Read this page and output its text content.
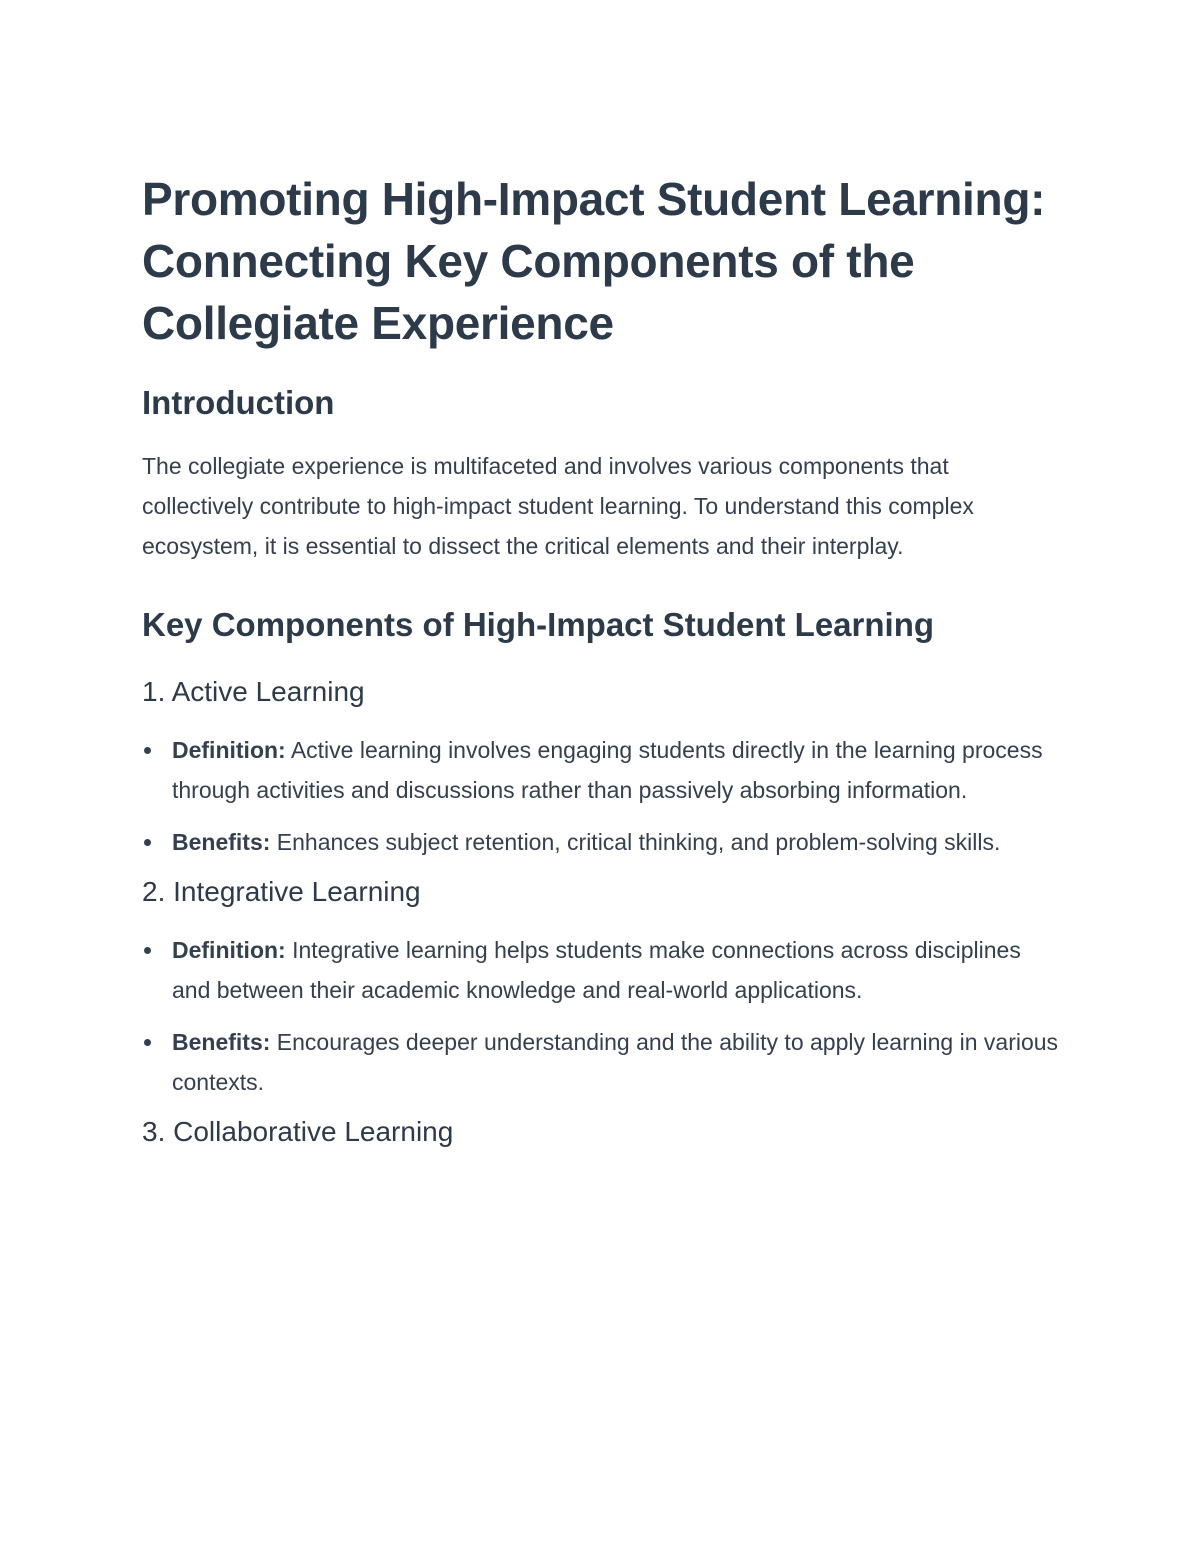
Promoting High-Impact Student Learning: Connecting Key Components of the Collegiate Experience
Introduction

The collegiate experience is multifaceted and involves various components that collectively contribute to high-impact student learning. To understand this complex ecosystem, it is essential to dissect the critical elements and their interplay.

Key Components of High-Impact Student Learning
1. Active Learning
Definition: Active learning involves engaging students directly in the learning process through activities and discussions rather than passively absorbing information.
Benefits: Enhances subject retention, critical thinking, and problem-solving skills.
2. Integrative Learning
Definition: Integrative learning helps students make connections across disciplines and between their academic knowledge and real-world applications.
Benefits: Encourages deeper understanding and the ability to apply learning in various contexts.
3. Collaborative Learning
